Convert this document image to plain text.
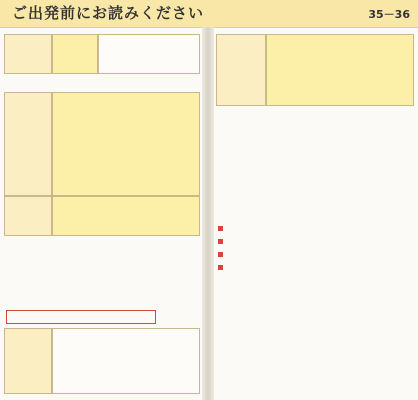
ご出発前にお読みください	35－36
